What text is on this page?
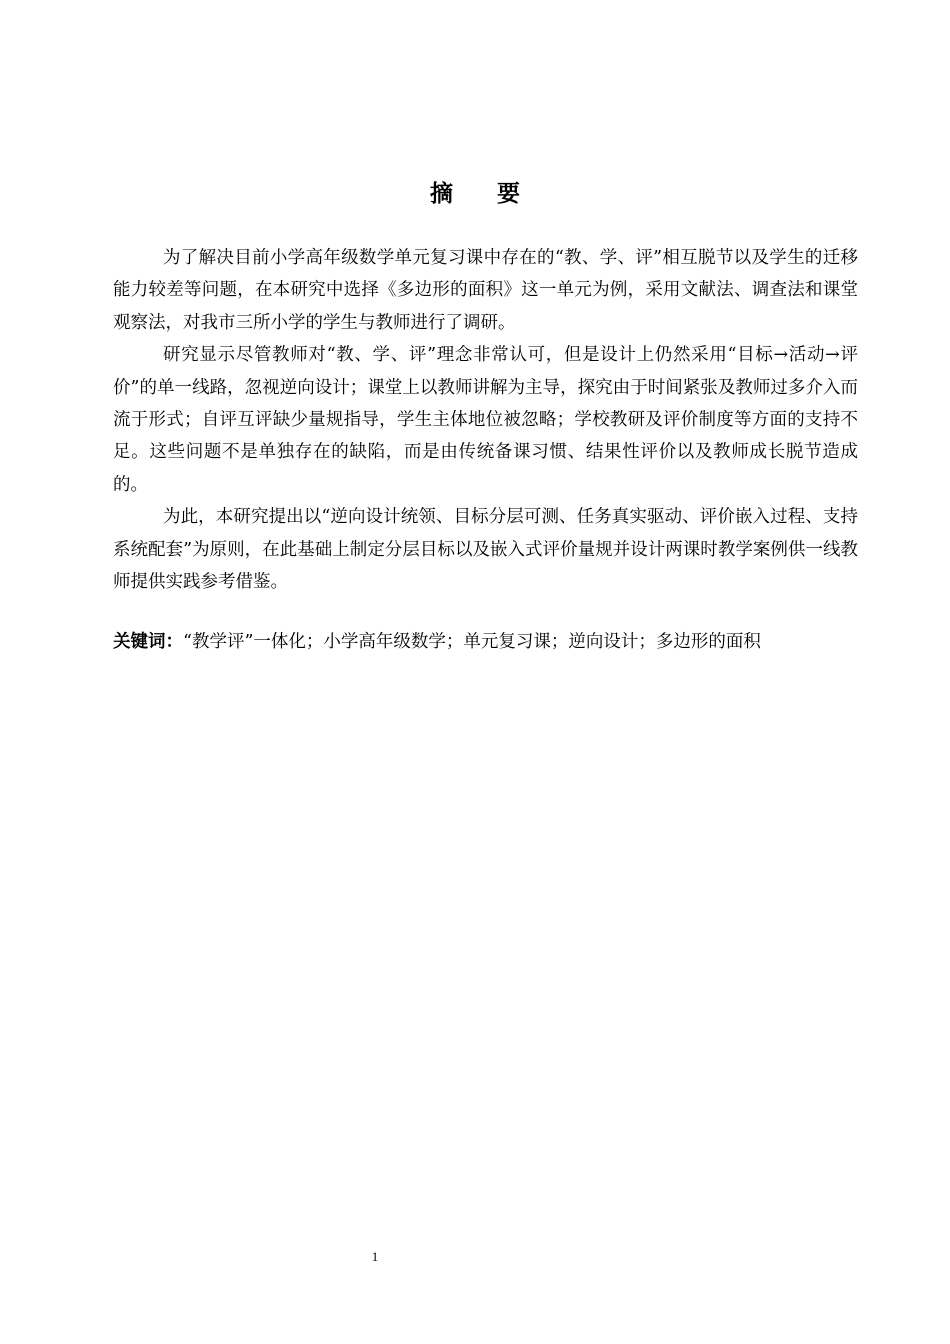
摘要

为了解决目前小学高年级数学单元复习课中存在的“教、学、评”相互脱节以及学生的迁移能力较差等问题，在本研究中选择《多边形的面积》这一单元为例，采用文献法、调查法和课堂观察法，对我市三所小学的学生与教师进行了调研。

研究显示尽管教师对“教、学、评”理念非常认可，但是设计上仍然采用“目标→活动→评价”的单一线路，忽视逆向设计；课堂上以教师讲解为主导，探究由于时间紧张及教师过多介入而流于形式；自评互评缺少量规指导，学生主体地位被忽略；学校教研及评价制度等方面的支持不足。这些问题不是单独存在的缺陷，而是由传统备课习惯、结果性评价以及教师成长脱节造成的。

为此，本研究提出以“逆向设计统领、目标分层可测、任务真实驱动、评价嵌入过程、支持系统配套”为原则，在此基础上制定分层目标以及嵌入式评价量规并设计两课时教学案例供一线教师提供实践参考借鉴。

关键词：“教学评”一体化；小学高年级数学；单元复习课；逆向设计；多边形的面积

1
